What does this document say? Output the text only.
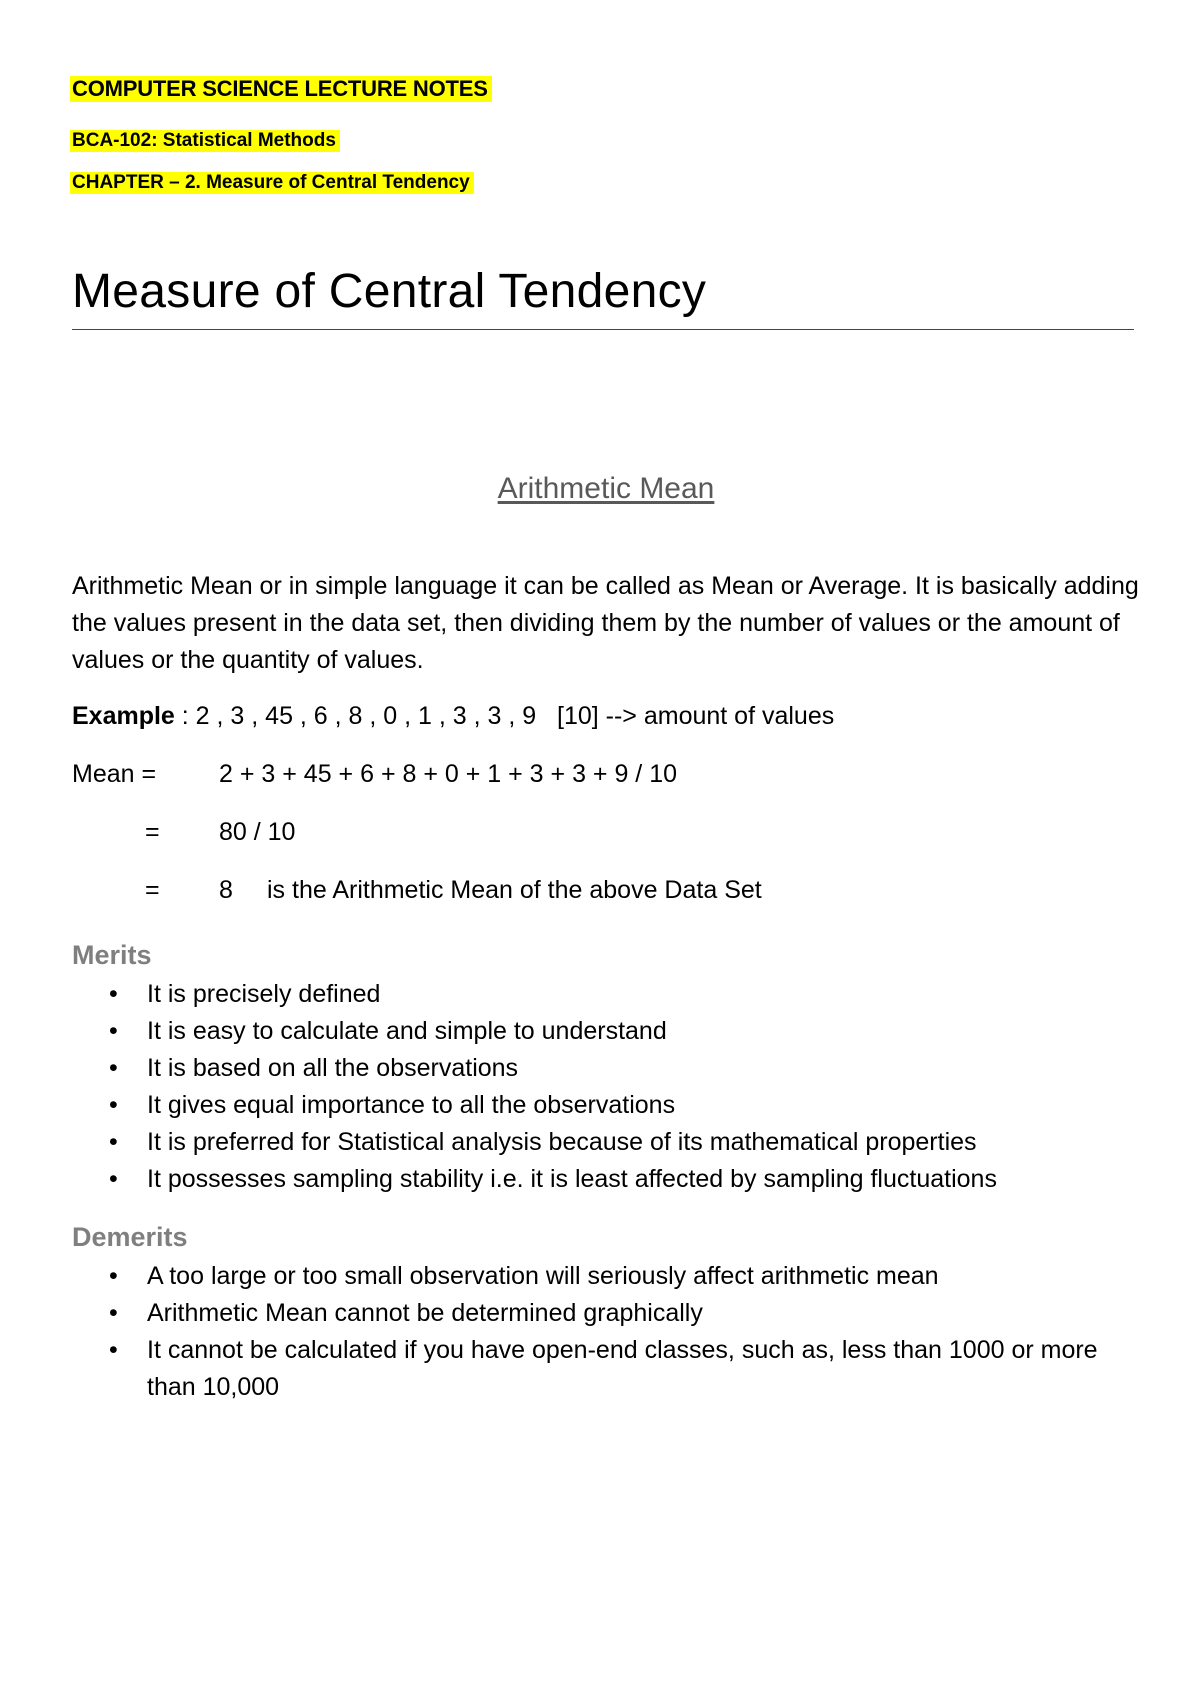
COMPUTER SCIENCE LECTURE NOTES
BCA-102: Statistical Methods
CHAPTER – 2. Measure of Central Tendency
Measure of Central Tendency
Arithmetic Mean
Arithmetic Mean or in simple language it can be called as Mean or Average. It is basically adding the values present in the data set, then dividing them by the number of values or the amount of values or the quantity of values.
Example : 2 , 3 , 45 , 6 , 8 , 0 , 1 , 3 , 3 , 9   [10] --> amount of values
Mean =	2 + 3 + 45 + 6 + 8 + 0 + 1 + 3 + 3 + 9 / 10
= 80 / 10
= 8 is the Arithmetic Mean of the above Data Set
Merits
• It is precisely defined
• It is easy to calculate and simple to understand
• It is based on all the observations
• It gives equal importance to all the observations
• It is preferred for Statistical analysis because of its mathematical properties
• It possesses sampling stability i.e. it is least affected by sampling fluctuations
Demerits
• A too large or too small observation will seriously affect arithmetic mean
• Arithmetic Mean cannot be determined graphically
• It cannot be calculated if you have open-end classes, such as, less than 1000 or more than 10,000
